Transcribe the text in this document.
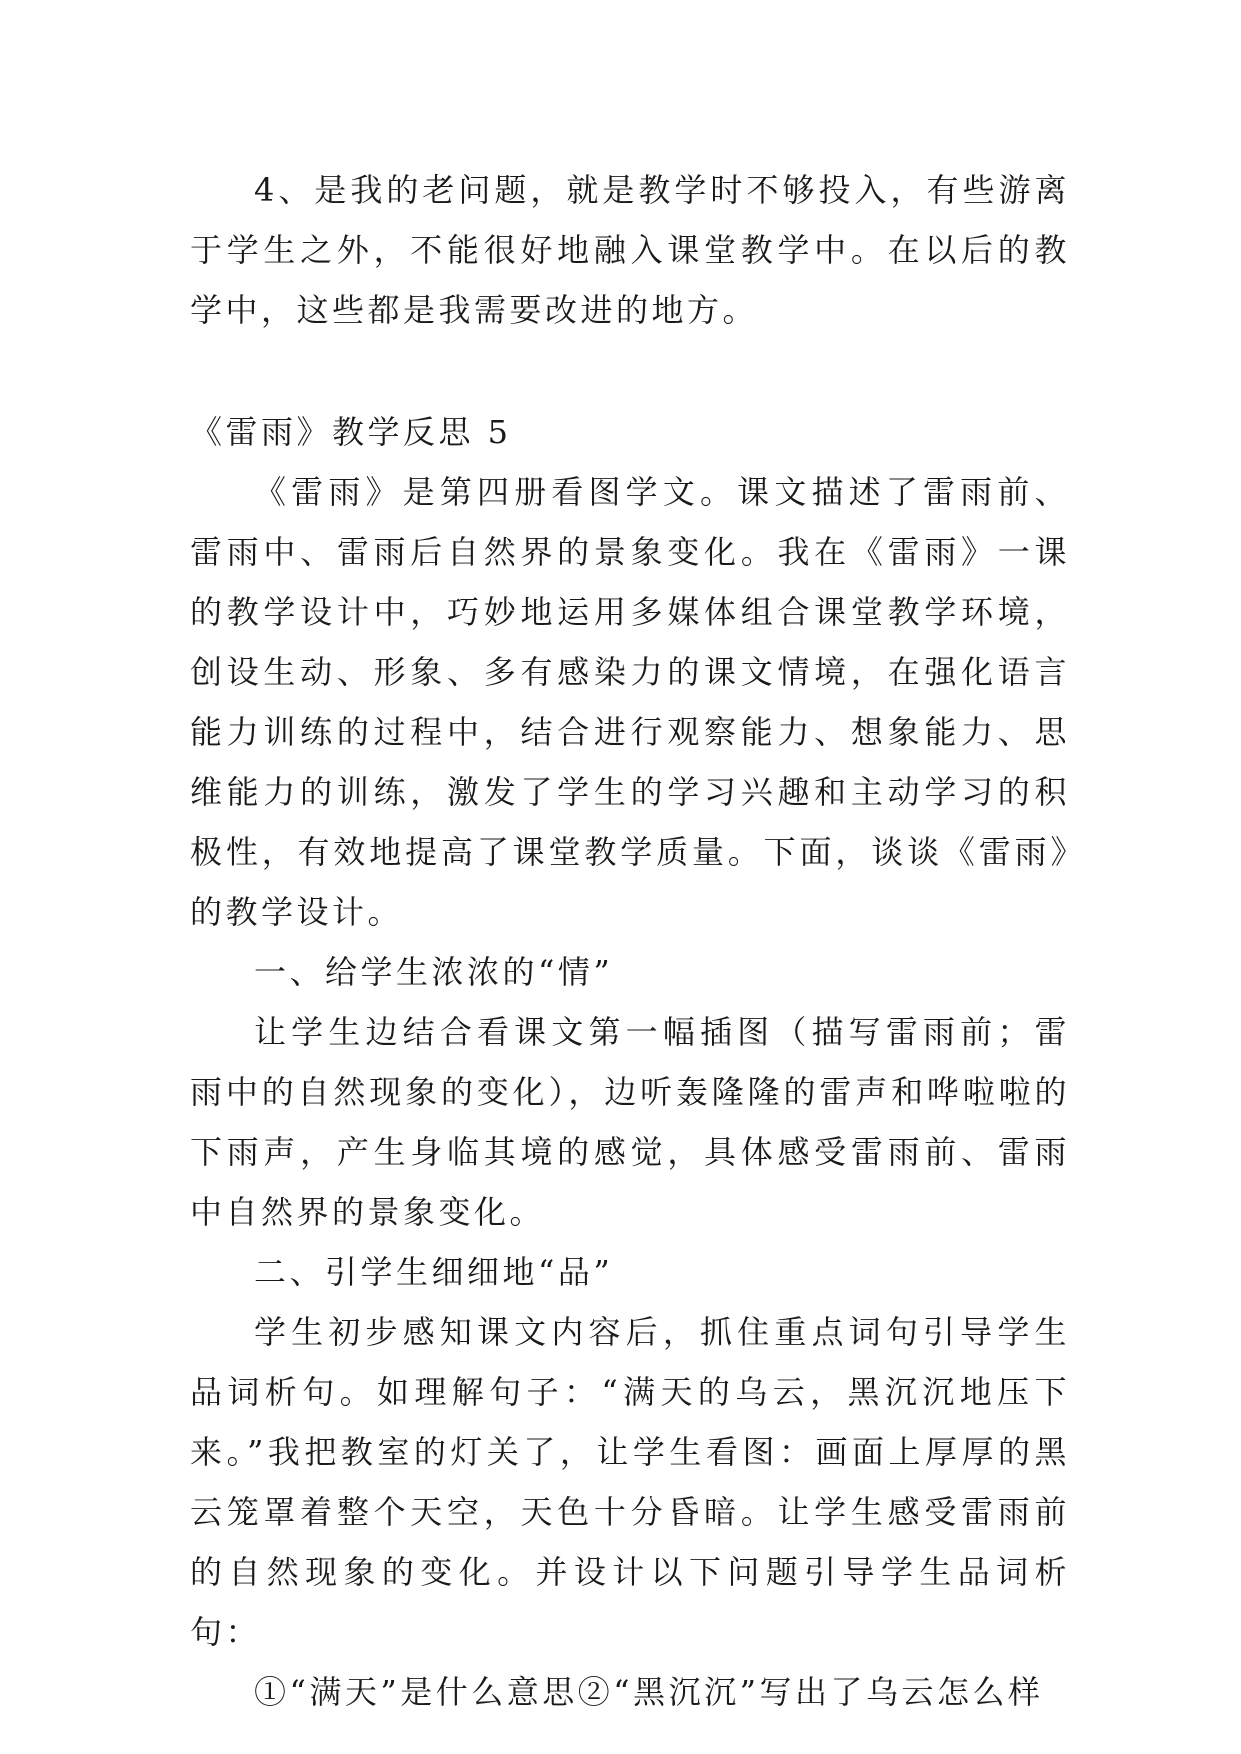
4、是我的老问题，就是教学时不够投入，有些游离于学生之外，不能很好地融入课堂教学中。在以后的教学中，这些都是我需要改进的地方。

《雷雨》教学反思 5

《雷雨》是第四册看图学文。课文描述了雷雨前、雷雨中、雷雨后自然界的景象变化。我在《雷雨》一课的教学设计中，巧妙地运用多媒体组合课堂教学环境，创设生动、形象、多有感染力的课文情境，在强化语言能力训练的过程中，结合进行观察能力、想象能力、思维能力的训练，激发了学生的学习兴趣和主动学习的积极性，有效地提高了课堂教学质量。下面，谈谈《雷雨》的教学设计。

一、给学生浓浓的“情”

让学生边结合看课文第一幅插图（描写雷雨前；雷雨中的自然现象的变化），边听轰隆隆的雷声和哗啦啦的下雨声，产生身临其境的感觉，具体感受雷雨前、雷雨中自然界的景象变化。

二、引学生细细地“品”

学生初步感知课文内容后，抓住重点词句引导学生品词析句。如理解句子：“满天的乌云，黑沉沉地压下来。”我把教室的灯关了，让学生看图：画面上厚厚的黑云笼罩着整个天空，天色十分昏暗。让学生感受雷雨前的自然现象的变化。并设计以下问题引导学生品词析句：

①“满天”是什么意思②“黑沉沉”写出了乌云怎么样
